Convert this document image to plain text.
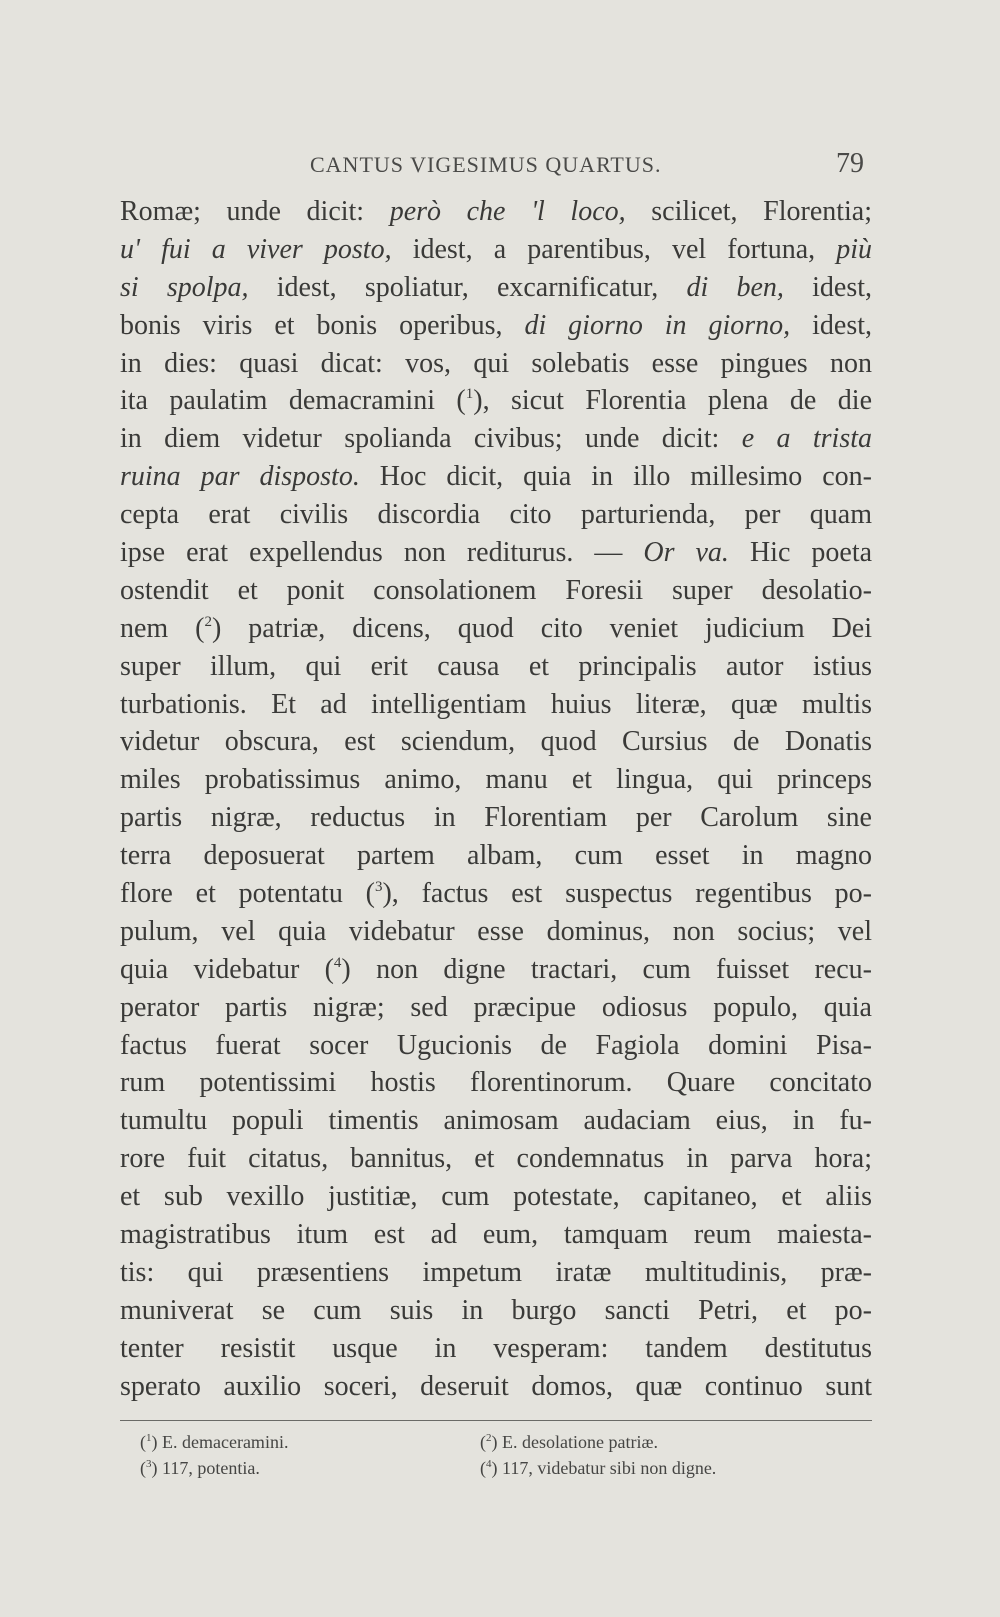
CANTUS VIGESIMUS QUARTUS.	79
Romæ; unde dicit: però che 'l loco, scilicet, Florentia;
u' fui a viver posto, idest, a parentibus, vel fortuna, più
si spolpa, idest, spoliatur, excarnificatur, di ben, idest,
bonis viris et bonis operibus, di giorno in giorno, idest,
in dies: quasi dicat: vos, qui solebatis esse pingues non
ita paulatim demacramini ($^1$), sicut Florentia plena de die
in diem videtur spolianda civibus; unde dicit: e a trista
ruina par disposto. Hoc dicit, quia in illo millesimo con-
cepta erat civilis discordia cito parturienda, per quam
ipse erat expellendus non rediturus. — Or va. Hic poeta
ostendit et ponit consolationem Foresii super desolatio-
nem ($^2$) patriæ, dicens, quod cito veniet judicium Dei
super illum, qui erit causa et principalis autor istius
turbationis. Et ad intelligentiam huius literæ, quæ multis
videtur obscura, est sciendum, quod Cursius de Donatis
miles probatissimus animo, manu et lingua, qui princeps
partis nigræ, reductus in Florentiam per Carolum sine
terra deposuerat partem albam, cum esset in magno
flore et potentatu ($^3$), factus est suspectus regentibus po-
pulum, vel quia videbatur esse dominus, non socius; vel
quia videbatur ($^4$) non digne tractari, cum fuisset recu-
perator partis nigræ; sed præcipue odiosus populo, quia
factus fuerat socer Ugucionis de Fagiola domini Pisa-
rum potentissimi hostis florentinorum. Quare concitato
tumultu populi timentis animosam audaciam eius, in fu-
rore fuit citatus, bannitus, et condemnatus in parva hora;
et sub vexillo justitiæ, cum potestate, capitaneo, et aliis
magistratibus itum est ad eum, tamquam reum maiesta-
tis: qui præsentiens impetum iratæ multitudinis, præ-
muniverat se cum suis in burgo sancti Petri, et po-
tenter resistit usque in vesperam: tandem destitutus
sperato auxilio soceri, deseruit domos, quæ continuo sunt
($^1$) E. demaceramini.	($^2$) E. desolatione patriæ.
($^3$) 117, potentia.	($^4$) 117, videbatur sibi non digne.
